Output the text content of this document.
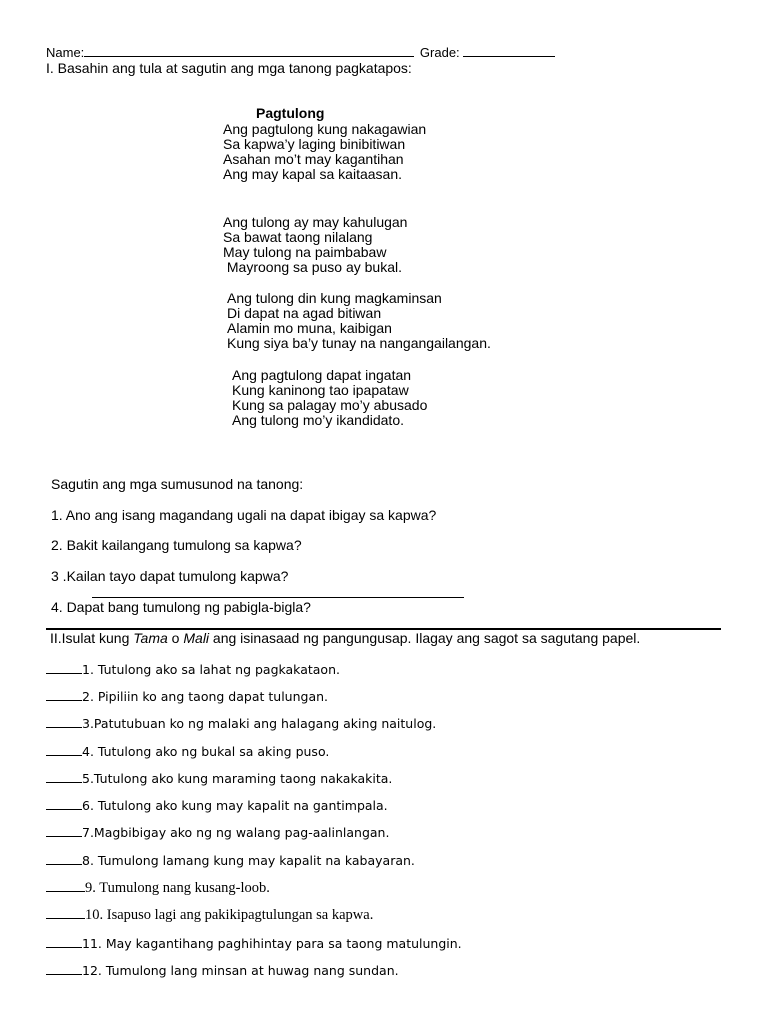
Name:	Grade:
I. Basahin ang tula at sagutin ang mga tanong pagkatapos:
Pagtulong
Ang pagtulong kung nakagawian
Sa kapwa’y laging binibitiwan
Asahan mo’t may kagantihan
Ang may kapal sa kaitaasan.
Ang tulong ay may kahulugan
Sa bawat taong nilalang
May tulong na paimbabaw
Mayroong sa puso ay bukal.
Ang tulong din kung magkaminsan
Di dapat na agad bitiwan
Alamin mo muna, kaibigan
Kung siya ba’y tunay na nangangailangan.
Ang pagtulong dapat ingatan
Kung kaninong tao ipapataw
Kung sa palagay mo’y abusado
Ang tulong mo’y ikandidato.
Sagutin ang mga sumusunod na tanong:
1. Ano ang isang magandang ugali na dapat ibigay sa kapwa?
2. Bakit kailangang tumulong sa kapwa?
3 .Kailan tayo dapat tumulong kapwa?
4. Dapat bang tumulong ng pabigla-bigla?
II.Isulat kung Tama o Mali ang isinasaad ng pangungusap. Ilagay ang sagot sa sagutang papel.
1. Tutulong ako sa lahat ng pagkakataon.
2. Pipiliin ko ang taong dapat tulungan.
3.Patutubuan ko ng malaki ang halagang aking naitulog.
4. Tutulong ako ng bukal sa aking puso.
5.Tutulong ako kung maraming taong nakakakita.
6. Tutulong ako kung may kapalit na gantimpala.
7.Magbibigay ako ng ng walang pag-aalinlangan.
8. Tumulong lamang kung may kapalit na kabayaran.
9. Tumulong nang kusang-loob.
10. Isapuso lagi ang pakikipagtulungan sa kapwa.
11. May kagantihang paghihintay para sa taong matulungin.
12. Tumulong lang minsan at huwag nang sundan.
